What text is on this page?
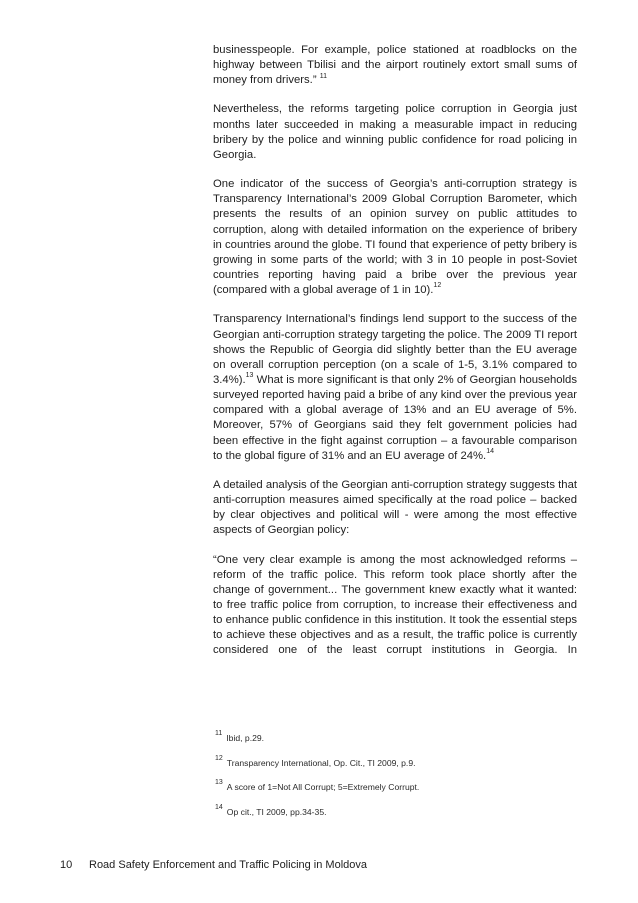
businesspeople. For example, police stationed at roadblocks on the highway between Tbilisi and the airport routinely extort small sums of money from drivers.” $^{11}$

Nevertheless, the reforms targeting police corruption in Georgia just months later succeeded in making a measurable impact in reducing bribery by the police and winning public confidence for road policing in Georgia.

One indicator of the success of Georgia’s anti-corruption strategy is Transparency International’s 2009 Global Corruption Barometer, which presents the results of an opinion survey on public attitudes to corruption, along with detailed information on the experience of bribery in countries around the globe. TI found that experience of petty bribery is growing in some parts of the world; with 3 in 10 people in post-Soviet countries reporting having paid a bribe over the previous year (compared with a global average of 1 in 10).$^{12}$

Transparency International’s findings lend support to the success of the Georgian anti-corruption strategy targeting the police. The 2009 TI report shows the Republic of Georgia did slightly better than the EU average on overall corruption perception (on a scale of 1-5, 3.1% compared to 3.4%).$^{13}$ What is more significant is that only 2% of Georgian households surveyed reported having paid a bribe of any kind over the previous year compared with a global average of 13% and an EU average of 5%. Moreover, 57% of Georgians said they felt government policies had been effective in the fight against corruption – a favourable comparison to the global figure of 31% and an EU average of 24%.$^{14}$

A detailed analysis of the Georgian anti-corruption strategy suggests that anti-corruption measures aimed specifically at the road police – backed by clear objectives and political will - were among the most effective aspects of Georgian policy:

“One very clear example is among the most acknowledged reforms – reform of the traffic police. This reform took place shortly after the change of government... The government knew exactly what it wanted: to free traffic police from corruption, to increase their effectiveness and to enhance public confidence in this institution. It took the essential steps to achieve these objectives and as a result, the traffic police is currently considered one of the least corrupt institutions in Georgia. In

$^{11}$ Ibid, p.29.
$^{12}$ Transparency International, Op. Cit., TI 2009, p.9.
$^{13}$ A score of 1=Not All Corrupt; 5=Extremely Corrupt.
$^{14}$ Op cit., TI 2009, pp.34-35.
10 Road Safety Enforcement and Traffic Policing in Moldova
